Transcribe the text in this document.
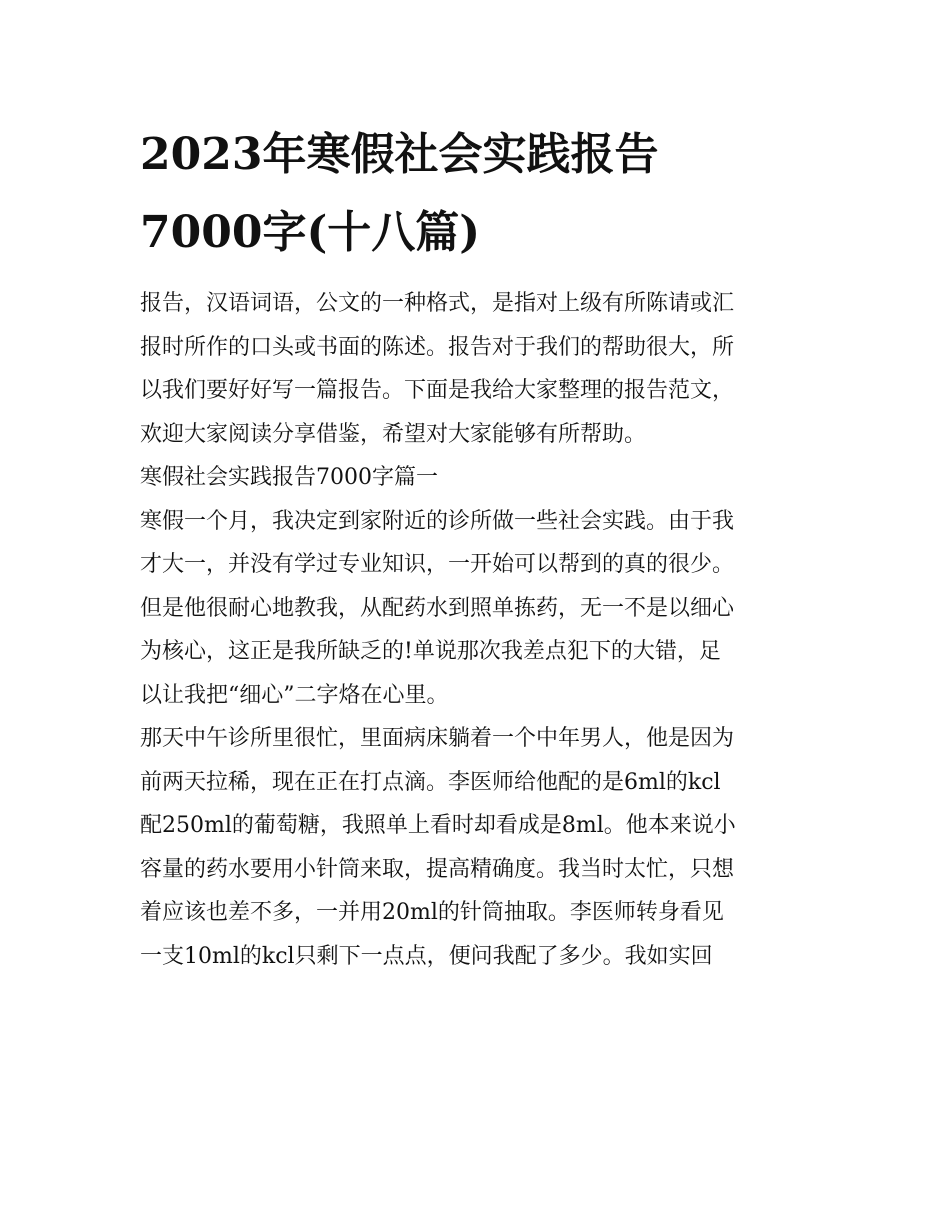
2023年寒假社会实践报告
7000字(十八篇)

报告，汉语词语，公文的一种格式，是指对上级有所陈请或汇
报时所作的口头或书面的陈述。报告对于我们的帮助很大，所
以我们要好好写一篇报告。下面是我给大家整理的报告范文，
欢迎大家阅读分享借鉴，希望对大家能够有所帮助。

寒假社会实践报告7000字篇一

寒假一个月，我决定到家附近的诊所做一些社会实践。由于我
才大一，并没有学过专业知识，一开始可以帮到的真的很少。
但是他很耐心地教我，从配药水到照单拣药，无一不是以细心
为核心，这正是我所缺乏的!单说那次我差点犯下的大错，足
以让我把“细心”二字烙在心里。

那天中午诊所里很忙，里面病床躺着一个中年男人，他是因为
前两天拉稀，现在正在打点滴。李医师给他配的是6ml的kcl
配250ml的葡萄糖，我照单上看时却看成是8ml。他本来说小
容量的药水要用小针筒来取，提高精确度。我当时太忙，只想
着应该也差不多，一并用20ml的针筒抽取。李医师转身看见
一支10ml的kcl只剩下一点点，便问我配了多少。我如实回
